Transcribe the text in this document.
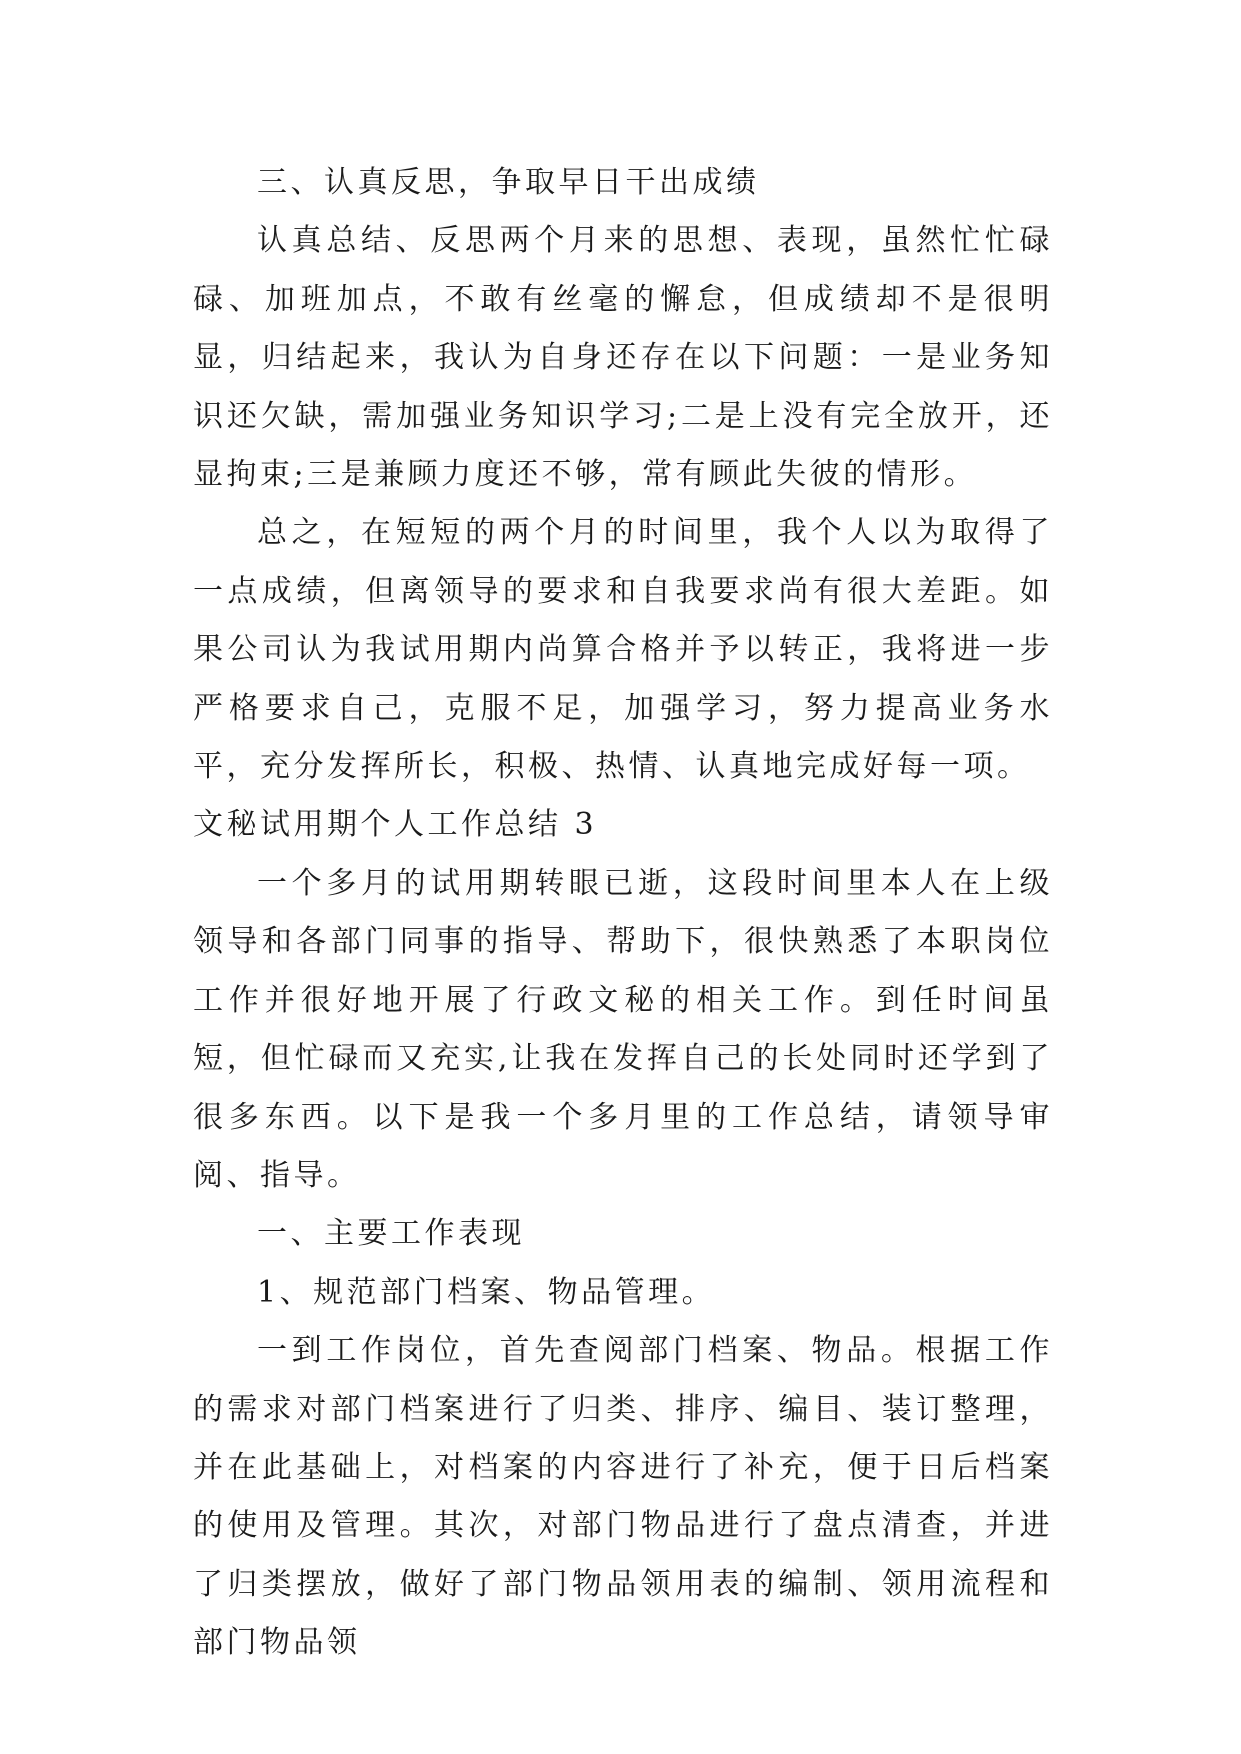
三、认真反思，争取早日干出成绩

认真总结、反思两个月来的思想、表现，虽然忙忙碌碌、加班加点，不敢有丝毫的懈怠，但成绩却不是很明显，归结起来，我认为自身还存在以下问题：一是业务知识还欠缺，需加强业务知识学习;二是上没有完全放开，还显拘束;三是兼顾力度还不够，常有顾此失彼的情形。

总之，在短短的两个月的时间里，我个人以为取得了一点成绩，但离领导的要求和自我要求尚有很大差距。如果公司认为我试用期内尚算合格并予以转正，我将进一步严格要求自己，克服不足，加强学习，努力提高业务水平，充分发挥所长，积极、热情、认真地完成好每一项。

文秘试用期个人工作总结 3

一个多月的试用期转眼已逝，这段时间里本人在上级领导和各部门同事的指导、帮助下，很快熟悉了本职岗位工作并很好地开展了行政文秘的相关工作。到任时间虽短，但忙碌而又充实,让我在发挥自己的长处同时还学到了很多东西。以下是我一个多月里的工作总结，请领导审阅、指导。

一、主要工作表现

1、规范部门档案、物品管理。

一到工作岗位，首先查阅部门档案、物品。根据工作的需求对部门档案进行了归类、排序、编目、装订整理，并在此基础上，对档案的内容进行了补充，便于日后档案的使用及管理。其次，对部门物品进行了盘点清查，并进了归类摆放，做好了部门物品领用表的编制、领用流程和部门物品领
